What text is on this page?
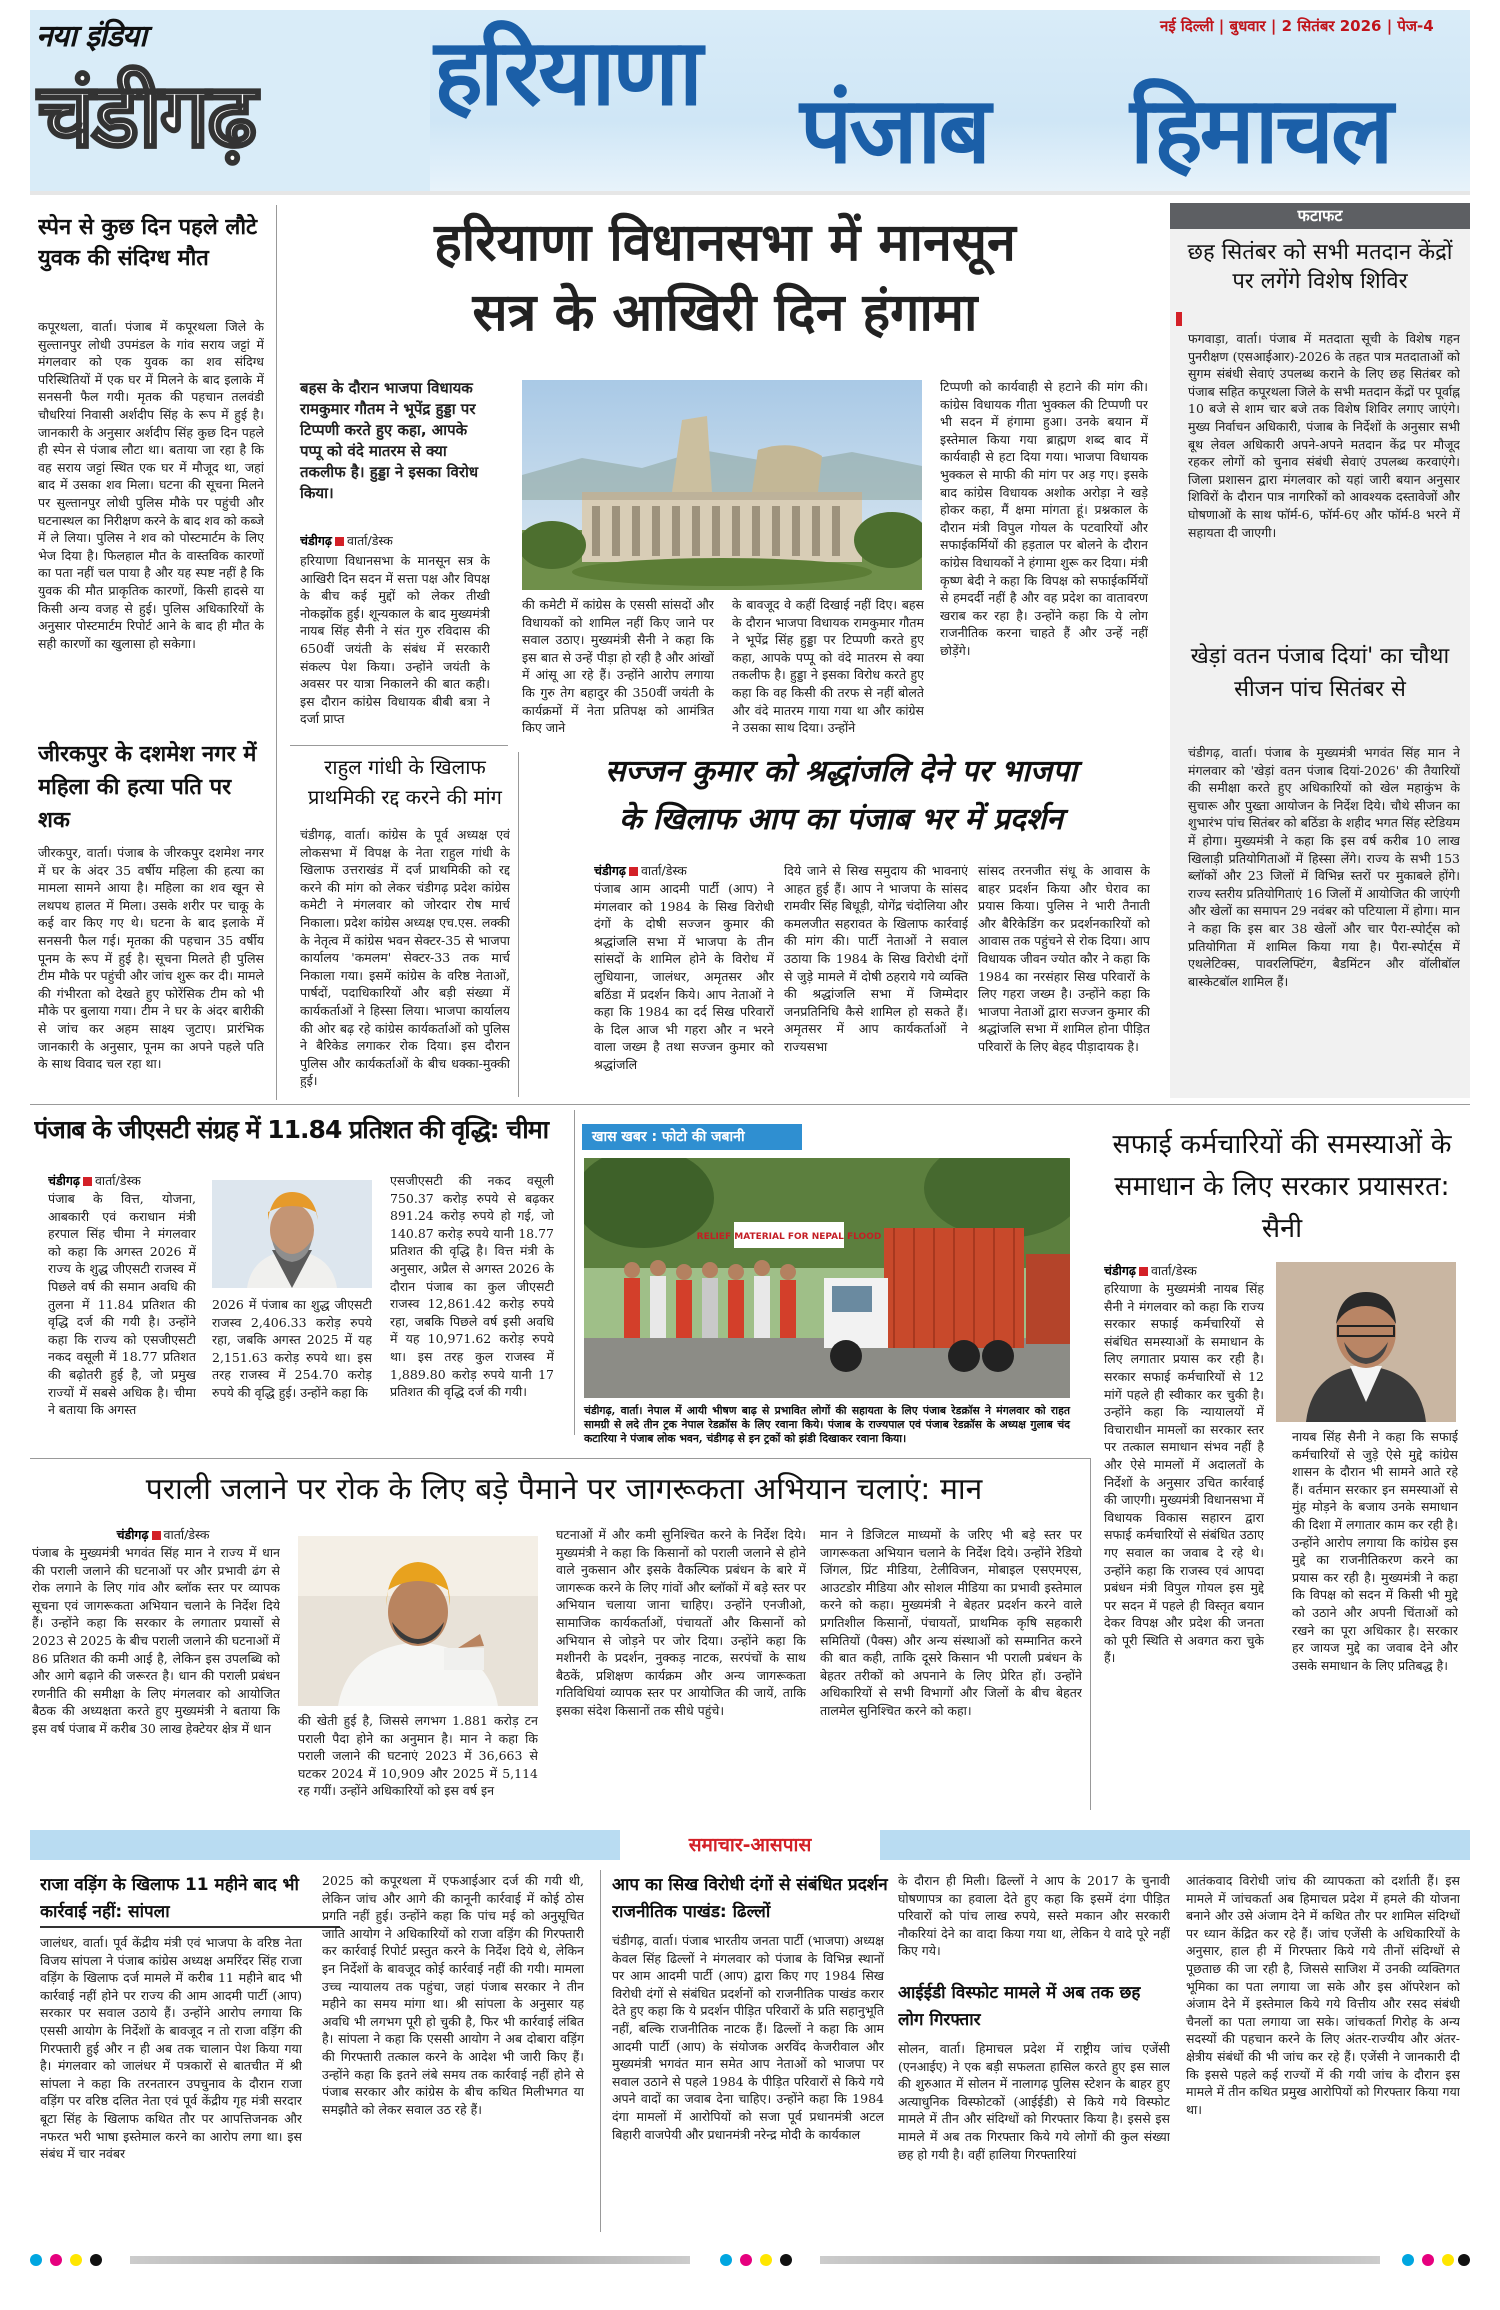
नया इंडिया
चंडीगढ़ हरियाणा
पंजाब हिमाचल
नई दिल्ली | बुधवार | 2 सितंबर 2026 | पेज-4
स्पेन से कुछ दिन पहले लौटे युवक की संदिग्ध मौत
कपूरथला, वार्ता। पंजाब में कपूरथला जिले के सुल्तानपुर लोधी उपमंडल के गांव सराय जट्टां में मंगलवार को एक युवक का शव संदिग्ध परिस्थितियों में एक घर में मिलने के बाद इलाके में सनसनी फैल गयी। मृतक की पहचान तलवंडी चौधरियां निवासी अर्शदीप सिंह के रूप में हुई है। जानकारी के अनुसार अर्शदीप सिंह कुछ दिन पहले ही स्पेन से पंजाब लौटा था। बताया जा रहा है कि वह सराय जट्टां स्थित एक घर में मौजूद था, जहां बाद में उसका शव मिला। घटना की सूचना मिलने पर सुल्तानपुर लोधी पुलिस मौके पर पहुंची और घटनास्थल का निरीक्षण करने के बाद शव को कब्जे में ले लिया। पुलिस ने शव को पोस्टमार्टम के लिए भेज दिया है। फिलहाल मौत के वास्तविक कारणों का पता नहीं चल पाया है और यह स्पष्ट नहीं है कि युवक की मौत प्राकृतिक कारणों, किसी हादसे या किसी अन्य वजह से हुई। पुलिस अधिकारियों के अनुसार पोस्टमार्टम रिपोर्ट आने के बाद ही मौत के सही कारणों का खुलासा हो सकेगा।
जीरकपुर के दशमेश नगर में महिला की हत्या पति पर शक
जीरकपुर, वार्ता। पंजाब के जीरकपुर दशमेश नगर में घर के अंदर 35 वर्षीय महिला की हत्या का मामला सामने आया है। महिला का शव खून से लथपथ हालत में मिला। उसके शरीर पर चाकू के कई वार किए गए थे। घटना के बाद इलाके में सनसनी फैल गई। मृतका की पहचान 35 वर्षीय पूनम के रूप में हुई है। सूचना मिलते ही पुलिस टीम मौके पर पहुंची और जांच शुरू कर दी। मामले की गंभीरता को देखते हुए फोरेंसिक टीम को भी मौके पर बुलाया गया। टीम ने घर के अंदर बारीकी से जांच कर अहम साक्ष्य जुटाए। प्रारंभिक जानकारी के अनुसार, पूनम का अपने पहले पति के साथ विवाद चल रहा था।
हरियाणा विधानसभा में मानसून
सत्र के आखिरी दिन हंगामा
बहस के दौरान भाजपा विधायक रामकुमार गौतम ने भूपेंद्र हुड्डा पर टिप्पणी करते हुए कहा, आपके पप्पू को वंदे मातरम से क्या तकलीफ है। हुड्डा ने इसका विरोध किया।
चंडीगढ़ वार्ता/डेस्क
हरियाणा विधानसभा के मानसून सत्र के आखिरी दिन सदन में सत्ता पक्ष और विपक्ष के बीच कई मुद्दों को लेकर तीखी नोकझोंक हुई। शून्यकाल के बाद मुख्यमंत्री नायब सिंह सैनी ने संत गुरु रविदास की 650वीं जयंती के संबंध में सरकारी संकल्प पेश किया। उन्होंने जयंती के अवसर पर यात्रा निकालने की बात कही। इस दौरान कांग्रेस विधायक बीबी बत्रा ने दर्जा प्राप्त
की कमेटी में कांग्रेस के एससी सांसदों और विधायकों को शामिल नहीं किए जाने पर सवाल उठाए। मुख्यमंत्री सैनी ने कहा कि इस बात से उन्हें पीड़ा हो रही है और आंखों में आंसू आ रहे हैं। उन्होंने आरोप लगाया कि गुरु तेग बहादुर की 350वीं जयंती के कार्यक्रमों में नेता प्रतिपक्ष को आमंत्रित किए जाने
के बावजूद वे कहीं दिखाई नहीं दिए। बहस के दौरान भाजपा विधायक रामकुमार गौतम ने भूपेंद्र सिंह हुड्डा पर टिप्पणी करते हुए कहा, आपके पप्पू को वंदे मातरम से क्या तकलीफ है। हुड्डा ने इसका विरोध करते हुए कहा कि वह किसी की तरफ से नहीं बोलते और वंदे मातरम गाया गया था और कांग्रेस ने उसका साथ दिया। उन्होंने
टिप्पणी को कार्यवाही से हटाने की मांग की। कांग्रेस विधायक गीता भुक्कल की टिप्पणी पर भी सदन में हंगामा हुआ। उनके बयान में इस्तेमाल किया गया ब्राह्मण शब्द बाद में कार्यवाही से हटा दिया गया। भाजपा विधायक भुक्कल से माफी की मांग पर अड़ गए। इसके बाद कांग्रेस विधायक अशोक अरोड़ा ने खड़े होकर कहा, मैं क्षमा मांगता हूं। प्रश्नकाल के दौरान मंत्री विपुल गोयल के पटवारियों और सफाईकर्मियों की हड़ताल पर बोलने के दौरान कांग्रेस विधायकों ने हंगामा शुरू कर दिया। मंत्री कृष्ण बेदी ने कहा कि विपक्ष को सफाईकर्मियों से हमदर्दी नहीं है और वह प्रदेश का वातावरण खराब कर रहा है। उन्होंने कहा कि ये लोग राजनीतिक करना चाहते हैं और उन्हें नहीं छोड़ेंगे।
राहुल गांधी के खिलाफ प्राथमिकी रद्द करने की मांग
चंडीगढ़, वार्ता। कांग्रेस के पूर्व अध्यक्ष एवं लोकसभा में विपक्ष के नेता राहुल गांधी के खिलाफ उत्तराखंड में दर्ज प्राथमिकी को रद्द करने की मांग को लेकर चंडीगढ़ प्रदेश कांग्रेस कमेटी ने मंगलवार को जोरदार रोष मार्च निकाला। प्रदेश कांग्रेस अध्यक्ष एच.एस. लक्की के नेतृत्व में कांग्रेस भवन सेक्टर-35 से भाजपा कार्यालय 'कमलम' सेक्टर-33 तक मार्च निकाला गया। इसमें कांग्रेस के वरिष्ठ नेताओं, पार्षदों, पदाधिकारियों और बड़ी संख्या में कार्यकर्ताओं ने हिस्सा लिया। भाजपा कार्यालय की ओर बढ़ रहे कांग्रेस कार्यकर्ताओं को पुलिस ने बैरिकेड लगाकर रोक दिया। इस दौरान पुलिस और कार्यकर्ताओं के बीच धक्का-मुक्की हुई।
सज्जन कुमार को श्रद्धांजलि देने पर भाजपा
के खिलाफ आप का पंजाब भर में प्रदर्शन
चंडीगढ़ वार्ता/डेस्क
पंजाब आम आदमी पार्टी (आप) ने मंगलवार को 1984 के सिख विरोधी दंगों के दोषी सज्जन कुमार की श्रद्धांजलि सभा में भाजपा के तीन सांसदों के शामिल होने के विरोध में लुधियाना, जालंधर, अमृतसर और बठिंडा में प्रदर्शन किये। आप नेताओं ने कहा कि 1984 का दर्द सिख परिवारों के दिल आज भी गहरा और न भरने वाला जख्म है तथा सज्जन कुमार को श्रद्धांजलि
दिये जाने से सिख समुदाय की भावनाएं आहत हुई हैं। आप ने भाजपा के सांसद रामवीर सिंह बिधूड़ी, योगेंद्र चंदोलिया और कमलजीत सहरावत के खिलाफ कार्रवाई की मांग की। पार्टी नेताओं ने सवाल उठाया कि 1984 के सिख विरोधी दंगों से जुड़े मामले में दोषी ठहराये गये व्यक्ति की श्रद्धांजलि सभा में जिम्मेदार जनप्रतिनिधि कैसे शामिल हो सकते हैं। अमृतसर में आप कार्यकर्ताओं ने राज्यसभा
सांसद तरनजीत संधू के आवास के बाहर प्रदर्शन किया और घेराव का प्रयास किया। पुलिस ने भारी तैनाती और बैरिकेडिंग कर प्रदर्शनकारियों को आवास तक पहुंचने से रोक दिया। आप विधायक जीवन ज्योत कौर ने कहा कि 1984 का नरसंहार सिख परिवारों के लिए गहरा जख्म है। उन्होंने कहा कि भाजपा नेताओं द्वारा सज्जन कुमार की श्रद्धांजलि सभा में शामिल होना पीड़ित परिवारों के लिए बेहद पीड़ादायक है।
फटाफट
छह सितंबर को सभी मतदान केंद्रों पर लगेंगे विशेष शिविर
फगवाड़ा, वार्ता। पंजाब में मतदाता सूची के विशेष गहन पुनरीक्षण (एसआईआर)-2026 के तहत पात्र मतदाताओं को सुगम संबंधी सेवाएं उपलब्ध कराने के लिए छह सितंबर को पंजाब सहित कपूरथला जिले के सभी मतदान केंद्रों पर पूर्वाह्न 10 बजे से शाम चार बजे तक विशेष शिविर लगाए जाएंगे। मुख्य निर्वाचन अधिकारी, पंजाब के निर्देशों के अनुसार सभी बूथ लेवल अधिकारी अपने-अपने मतदान केंद्र पर मौजूद रहकर लोगों को चुनाव संबंधी सेवाएं उपलब्ध करवाएंगे। जिला प्रशासन द्वारा मंगलवार को यहां जारी बयान अनुसार शिविरों के दौरान पात्र नागरिकों को आवश्यक दस्तावेजों और घोषणाओं के साथ फॉर्म-6, फॉर्म-6ए और फॉर्म-8 भरने में सहायता दी जाएगी।
खेड़ां वतन पंजाब दियां' का चौथा सीजन पांच सितंबर से
चंडीगढ़, वार्ता। पंजाब के मुख्यमंत्री भगवंत सिंह मान ने मंगलवार को 'खेड़ां वतन पंजाब दियां-2026' की तैयारियों की समीक्षा करते हुए अधिकारियों को खेल महाकुंभ के सुचारू और पुख्ता आयोजन के निर्देश दिये। चौथे सीजन का शुभारंभ पांच सितंबर को बठिंडा के शहीद भगत सिंह स्टेडियम में होगा। मुख्यमंत्री ने कहा कि इस वर्ष करीब 10 लाख खिलाड़ी प्रतियोगिताओं में हिस्सा लेंगे। राज्य के सभी 153 ब्लॉकों और 23 जिलों में विभिन्न स्तरों पर मुकाबले होंगे। राज्य स्तरीय प्रतियोगिताएं 16 जिलों में आयोजित की जाएंगी और खेलों का समापन 29 नवंबर को पटियाला में होगा। मान ने कहा कि इस बार 38 खेलों और चार पैरा-स्पोर्ट्स को प्रतियोगिता में शामिल किया गया है। पैरा-स्पोर्ट्स में एथलेटिक्स, पावरलिफ्टिंग, बैडमिंटन और वॉलीबॉल बास्केटबॉल शामिल हैं।
पंजाब के जीएसटी संग्रह में 11.84 प्रतिशत की वृद्धि: चीमा
चंडीगढ़ वार्ता/डेस्क
पंजाब के वित्त, योजना, आबकारी एवं कराधान मंत्री हरपाल सिंह चीमा ने मंगलवार को कहा कि अगस्त 2026 में राज्य के शुद्ध जीएसटी राजस्व में पिछले वर्ष की समान अवधि की तुलना में 11.84 प्रतिशत की वृद्धि दर्ज की गयी है। उन्होंने कहा कि राज्य को एसजीएसटी नकद वसूली में 18.77 प्रतिशत की बढ़ोतरी हुई है, जो प्रमुख राज्यों में सबसे अधिक है। चीमा ने बताया कि अगस्त
2026 में पंजाब का शुद्ध जीएसटी राजस्व 2,406.33 करोड़ रुपये रहा, जबकि अगस्त 2025 में यह 2,151.63 करोड़ रुपये था। इस तरह राजस्व में 254.70 करोड़ रुपये की वृद्धि हुई। उन्होंने कहा कि
एसजीएसटी की नकद वसूली 750.37 करोड़ रुपये से बढ़कर 891.24 करोड़ रुपये हो गई, जो 140.87 करोड़ रुपये यानी 18.77 प्रतिशत की वृद्धि है। वित्त मंत्री के अनुसार, अप्रैल से अगस्त 2026 के दौरान पंजाब का कुल जीएसटी राजस्व 12,861.42 करोड़ रुपये रहा, जबकि पिछले वर्ष इसी अवधि में यह 10,971.62 करोड़ रुपये था। इस तरह कुल राजस्व में 1,889.80 करोड़ रुपये यानी 17 प्रतिशत की वृद्धि दर्ज की गयी।
खास खबर : फोटो की जबानी
RELIEF MATERIAL FOR NEPAL FLOOD
चंडीगढ़, वार्ता। नेपाल में आयी भीषण बाढ़ से प्रभावित लोगों की सहायता के लिए पंजाब रेडक्रॉस ने मंगलवार को राहत सामग्री से लदे तीन ट्रक नेपाल रेडक्रॉस के लिए रवाना किये। पंजाब के राज्यपाल एवं पंजाब रेडक्रॉस के अध्यक्ष गुलाब चंद कटारिया ने पंजाब लोक भवन, चंडीगढ़ से इन ट्रकों को झंडी दिखाकर रवाना किया।
सफाई कर्मचारियों की समस्याओं के समाधान के लिए सरकार प्रयासरत: सैनी
चंडीगढ़ वार्ता/डेस्क
हरियाणा के मुख्यमंत्री नायब सिंह सैनी ने मंगलवार को कहा कि राज्य सरकार सफाई कर्मचारियों से संबंधित समस्याओं के समाधान के लिए लगातार प्रयास कर रही है। सरकार सफाई कर्मचारियों से 12 मांगें पहले ही स्वीकार कर चुकी है। उन्होंने कहा कि न्यायालयों में विचाराधीन मामलों का सरकार स्तर पर तत्काल समाधान संभव नहीं है और ऐसे मामलों में अदालतों के निर्देशों के अनुसार उचित कार्रवाई की जाएगी। मुख्यमंत्री विधानसभा में विधायक विकास सहारन द्वारा सफाई कर्मचारियों से संबंधित उठाए गए सवाल का जवाब दे रहे थे। उन्होंने कहा कि राजस्व एवं आपदा प्रबंधन मंत्री विपुल गोयल इस मुद्दे पर सदन में पहले ही विस्तृत बयान देकर विपक्ष और प्रदेश की जनता को पूरी स्थिति से अवगत करा चुके हैं।
नायब सिंह सैनी ने कहा कि सफाई कर्मचारियों से जुड़े ऐसे मुद्दे कांग्रेस शासन के दौरान भी सामने आते रहे हैं। वर्तमान सरकार इन समस्याओं से मुंह मोड़ने के बजाय उनके समाधान की दिशा में लगातार काम कर रही है। उन्होंने आरोप लगाया कि कांग्रेस इस मुद्दे का राजनीतिकरण करने का प्रयास कर रही है। मुख्यमंत्री ने कहा कि विपक्ष को सदन में किसी भी मुद्दे को उठाने और अपनी चिंताओं को रखने का पूरा अधिकार है। सरकार हर जायज मुद्दे का जवाब देने और उसके समाधान के लिए प्रतिबद्ध है।
पराली जलाने पर रोक के लिए बड़े पैमाने पर जागरूकता अभियान चलाएं: मान
चंडीगढ़ वार्ता/डेस्क
पंजाब के मुख्यमंत्री भगवंत सिंह मान ने राज्य में धान की पराली जलाने की घटनाओं पर और प्रभावी ढंग से रोक लगाने के लिए गांव और ब्लॉक स्तर पर व्यापक सूचना एवं जागरूकता अभियान चलाने के निर्देश दिये हैं। उन्होंने कहा कि सरकार के लगातार प्रयासों से 2023 से 2025 के बीच पराली जलाने की घटनाओं में 86 प्रतिशत की कमी आई है, लेकिन इस उपलब्धि को और आगे बढ़ाने की जरूरत है। धान की पराली प्रबंधन रणनीति की समीक्षा के लिए मंगलवार को आयोजित बैठक की अध्यक्षता करते हुए मुख्यमंत्री ने बताया कि इस वर्ष पंजाब में करीब 30 लाख हेक्टेयर क्षेत्र में धान
की खेती हुई है, जिससे लगभग 1.881 करोड़ टन पराली पैदा होने का अनुमान है। मान ने कहा कि पराली जलाने की घटनाएं 2023 में 36,663 से घटकर 2024 में 10,909 और 2025 में 5,114 रह गयीं। उन्होंने अधिकारियों को इस वर्ष इन
घटनाओं में और कमी सुनिश्चित करने के निर्देश दिये। मुख्यमंत्री ने कहा कि किसानों को पराली जलाने से होने वाले नुकसान और इसके वैकल्पिक प्रबंधन के बारे में जागरूक करने के लिए गांवों और ब्लॉकों में बड़े स्तर पर अभियान चलाया जाना चाहिए। उन्होंने एनजीओ, सामाजिक कार्यकर्ताओं, पंचायतों और किसानों को अभियान से जोड़ने पर जोर दिया। उन्होंने कहा कि मशीनरी के प्रदर्शन, नुक्कड़ नाटक, सरपंचों के साथ बैठकें, प्रशिक्षण कार्यक्रम और अन्य जागरूकता गतिविधियां व्यापक स्तर पर आयोजित की जायें, ताकि इसका संदेश किसानों तक सीधे पहुंचे।
मान ने डिजिटल माध्यमों के जरिए भी बड़े स्तर पर जागरूकता अभियान चलाने के निर्देश दिये। उन्होंने रेडियो जिंगल, प्रिंट मीडिया, टेलीविजन, मोबाइल एसएमएस, आउटडोर मीडिया और सोशल मीडिया का प्रभावी इस्तेमाल करने को कहा। मुख्यमंत्री ने बेहतर प्रदर्शन करने वाले प्रगतिशील किसानों, पंचायतों, प्राथमिक कृषि सहकारी समितियों (पैक्स) और अन्य संस्थाओं को सम्मानित करने की बात कही, ताकि दूसरे किसान भी पराली प्रबंधन के बेहतर तरीकों को अपनाने के लिए प्रेरित हों। उन्होंने अधिकारियों से सभी विभागों और जिलों के बीच बेहतर तालमेल सुनिश्चित करने को कहा।
समाचार-आसपास
राजा वड़िंग के खिलाफ 11 महीने बाद भी कार्रवाई नहीं: सांपला
जालंधर, वार्ता। पूर्व केंद्रीय मंत्री एवं भाजपा के वरिष्ठ नेता विजय सांपला ने पंजाब कांग्रेस अध्यक्ष अमरिंदर सिंह राजा वड़िंग के खिलाफ दर्ज मामले में करीब 11 महीने बाद भी कार्रवाई नहीं होने पर राज्य की आम आदमी पार्टी (आप) सरकार पर सवाल उठाये हैं। उन्होंने आरोप लगाया कि एससी आयोग के निर्देशों के बावजूद न तो राजा वड़िंग की गिरफ्तारी हुई और न ही अब तक चालान पेश किया गया है। मंगलवार को जालंधर में पत्रकारों से बातचीत में श्री सांपला ने कहा कि तरनतारन उपचुनाव के दौरान राजा वड़िंग पर वरिष्ठ दलित नेता एवं पूर्व केंद्रीय गृह मंत्री सरदार बूटा सिंह के खिलाफ कथित तौर पर आपत्तिजनक और नफरत भरी भाषा इस्तेमाल करने का आरोप लगा था। इस संबंध में चार नवंबर
2025 को कपूरथला में एफआईआर दर्ज की गयी थी, लेकिन जांच और आगे की कानूनी कार्रवाई में कोई ठोस प्रगति नहीं हुई। उन्होंने कहा कि पांच मई को अनुसूचित जाति आयोग ने अधिकारियों को राजा वड़िंग की गिरफ्तारी कर कार्रवाई रिपोर्ट प्रस्तुत करने के निर्देश दिये थे, लेकिन इन निर्देशों के बावजूद कोई कार्रवाई नहीं की गयी। मामला उच्च न्यायालय तक पहुंचा, जहां पंजाब सरकार ने तीन महीने का समय मांगा था। श्री सांपला के अनुसार यह अवधि भी लगभग पूरी हो चुकी है, फिर भी कार्रवाई लंबित है। सांपला ने कहा कि एससी आयोग ने अब दोबारा वड़िंग की गिरफ्तारी तत्काल करने के आदेश भी जारी किए हैं। उन्होंने कहा कि इतने लंबे समय तक कार्रवाई नहीं होने से पंजाब सरकार और कांग्रेस के बीच कथित मिलीभगत या समझौते को लेकर सवाल उठ रहे हैं।
आप का सिख विरोधी दंगों से संबंधित प्रदर्शन राजनीतिक पाखंड: ढिल्लों
चंडीगढ़, वार्ता। पंजाब भारतीय जनता पार्टी (भाजपा) अध्यक्ष केवल सिंह ढिल्लों ने मंगलवार को पंजाब के विभिन्न स्थानों पर आम आदमी पार्टी (आप) द्वारा किए गए 1984 सिख विरोधी दंगों से संबंधित प्रदर्शनों को राजनीतिक पाखंड करार देते हुए कहा कि ये प्रदर्शन पीड़ित परिवारों के प्रति सहानुभूति नहीं, बल्कि राजनीतिक नाटक हैं। ढिल्लों ने कहा कि आम आदमी पार्टी (आप) के संयोजक अरविंद केजरीवाल और मुख्यमंत्री भगवंत मान समेत आप नेताओं को भाजपा पर सवाल उठाने से पहले 1984 के पीड़ित परिवारों से किये गये अपने वादों का जवाब देना चाहिए। उन्होंने कहा कि 1984 दंगा मामलों में आरोपियों को सजा पूर्व प्रधानमंत्री अटल बिहारी वाजपेयी और प्रधानमंत्री नरेन्द्र मोदी के कार्यकाल
के दौरान ही मिली। ढिल्लों ने आप के 2017 के चुनावी घोषणापत्र का हवाला देते हुए कहा कि इसमें दंगा पीड़ित परिवारों को पांच लाख रुपये, सस्ते मकान और सरकारी नौकरियां देने का वादा किया गया था, लेकिन ये वादे पूरे नहीं किए गये।
आईईडी विस्फोट मामले में अब तक छह लोग गिरफ्तार
सोलन, वार्ता। हिमाचल प्रदेश में राष्ट्रीय जांच एजेंसी (एनआईए) ने एक बड़ी सफलता हासिल करते हुए इस साल की शुरुआत में सोलन में नालागढ़ पुलिस स्टेशन के बाहर हुए अत्याधुनिक विस्फोटकों (आईईडी) से किये गये विस्फोट मामले में तीन और संदिग्धों को गिरफ्तार किया है। इससे इस मामले में अब तक गिरफ्तार किये गये लोगों की कुल संख्या छह हो गयी है। वहीं हालिया गिरफ्तारियां
आतंकवाद विरोधी जांच की व्यापकता को दर्शाती हैं। इस मामले में जांचकर्ता अब हिमाचल प्रदेश में हमले की योजना बनाने और उसे अंजाम देने में कथित तौर पर शामिल संदिग्धों पर ध्यान केंद्रित कर रहे हैं। जांच एजेंसी के अधिकारियों के अनुसार, हाल ही में गिरफ्तार किये गये तीनों संदिग्धों से पूछताछ की जा रही है, जिससे साजिश में उनकी व्यक्तिगत भूमिका का पता लगाया जा सके और इस ऑपरेशन को अंजाम देने में इस्तेमाल किये गये वित्तीय और रसद संबंधी चैनलों का पता लगाया जा सके। जांचकर्ता गिरोह के अन्य सदस्यों की पहचान करने के लिए अंतर-राज्यीय और अंतर-क्षेत्रीय संबंधों की भी जांच कर रहे हैं। एजेंसी ने जानकारी दी कि इससे पहले कई राज्यों में की गयी जांच के दौरान इस मामले में तीन कथित प्रमुख आरोपियों को गिरफ्तार किया गया था।
